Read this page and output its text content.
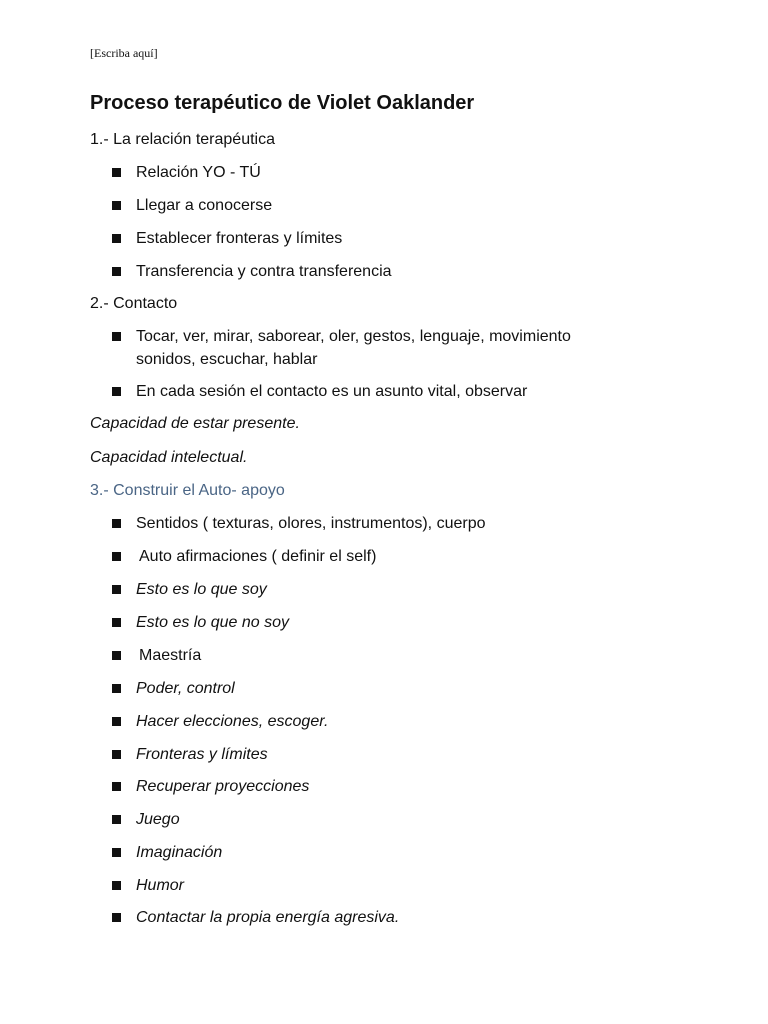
[Escriba aquí]
Proceso terapéutico de Violet Oaklander
1.- La relación terapéutica
Relación YO - TÚ
Llegar a conocerse
Establecer fronteras y límites
Transferencia y contra transferencia
2.- Contacto
Tocar, ver, mirar, saborear, oler, gestos, lenguaje, movimiento sonidos, escuchar, hablar
En cada sesión el contacto es un asunto vital, observar
Capacidad de estar presente.
Capacidad intelectual.
3.- Construir el Auto- apoyo
Sentidos ( texturas, olores, instrumentos), cuerpo
Auto afirmaciones ( definir el self)
Esto es lo que soy
Esto es lo que no soy
Maestría
Poder, control
Hacer elecciones, escoger.
Fronteras y límites
Recuperar proyecciones
Juego
Imaginación
Humor
Contactar la propia energía agresiva.
